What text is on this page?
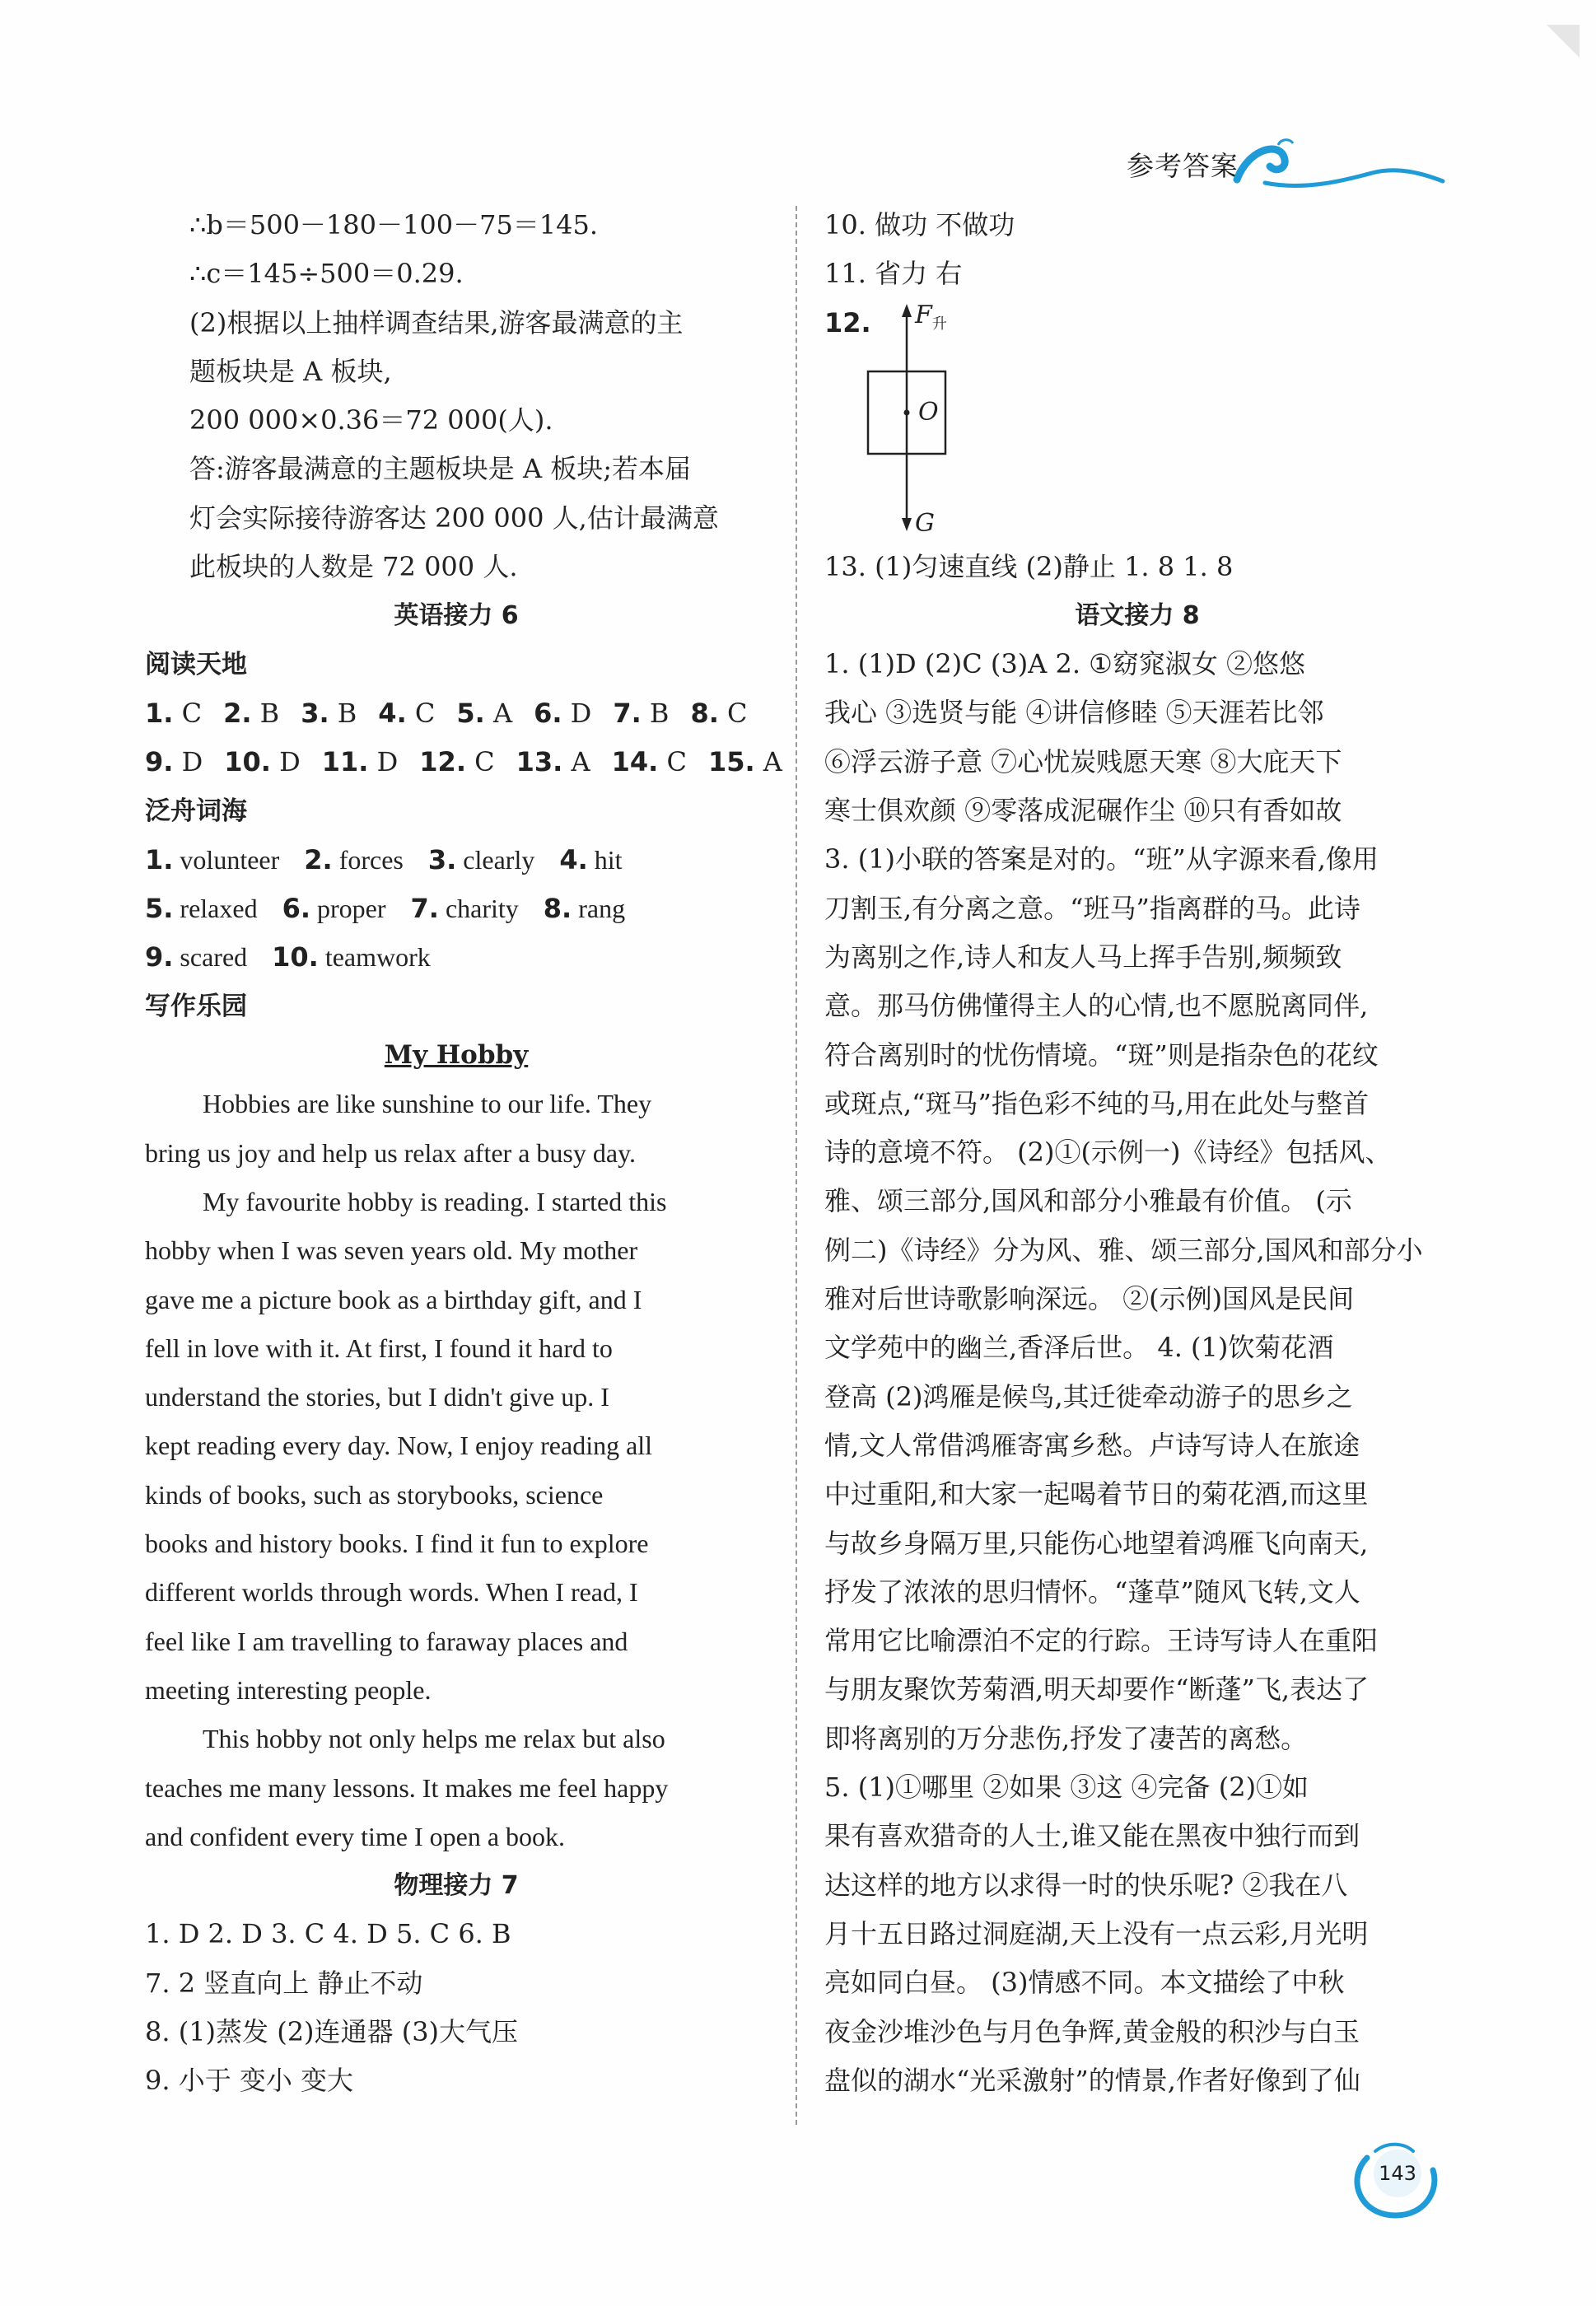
参考答案
∴b＝500－180－100－75＝145.
∴c＝145÷500＝0.29.
(2)根据以上抽样调查结果,游客最满意的主
题板块是 A 板块,
200 000×0.36＝72 000(人).
答:游客最满意的主题板块是 A 板块;若本届
灯会实际接待游客达 200 000 人,估计最满意
此板块的人数是 72 000 人.
英语接力 6
阅读天地
1. C 2. B 3. B 4. C 5. A 6. D 7. B 8. C
9. D 10. D 11. D 12. C 13. A 14. C 15. A
泛舟词海
1. volunteer 2. forces 3. clearly 4. hit
5. relaxed 6. proper 7. charity 8. rang
9. scared 10. teamwork
写作乐园
My Hobby
Hobbies are like sunshine to our life. They
bring us joy and help us relax after a busy day.
My favourite hobby is reading. I started this
hobby when I was seven years old. My mother
gave me a picture book as a birthday gift, and I
fell in love with it. At first, I found it hard to
understand the stories, but I didn't give up. I
kept reading every day. Now, I enjoy reading all
kinds of books, such as storybooks, science
books and history books. I find it fun to explore
different worlds through words. When I read, I
feel like I am travelling to faraway places and
meeting interesting people.
This hobby not only helps me relax but also
teaches me many lessons. It makes me feel happy
and confident every time I open a book.
物理接力 7
1. D 2. D 3. C 4. D 5. C 6. B
7. 2 竖直向上 静止不动
8. (1)蒸发 (2)连通器 (3)大气压
9. 小于 变小 变大
10. 做功 不做功
11. 省力 右
12. $F_升$
O
G
13. (1)匀速直线 (2)静止 1. 8 1. 8
语文接力 8
1. (1)D (2)C (3)A 2. ①窈窕淑女 ②悠悠
我心 ③选贤与能 ④讲信修睦 ⑤天涯若比邻
⑥浮云游子意 ⑦心忧炭贱愿天寒 ⑧大庇天下
寒士俱欢颜 ⑨零落成泥碾作尘 ⑩只有香如故
3. (1)小联的答案是对的。“班”从字源来看,像用
刀割玉,有分离之意。“班马”指离群的马。此诗
为离别之作,诗人和友人马上挥手告别,频频致
意。那马仿佛懂得主人的心情,也不愿脱离同伴,
符合离别时的忧伤情境。“斑”则是指杂色的花纹
或斑点,“斑马”指色彩不纯的马,用在此处与整首
诗的意境不符。 (2)①(示例一)《诗经》包括风、
雅、颂三部分,国风和部分小雅最有价值。 (示
例二)《诗经》分为风、雅、颂三部分,国风和部分小
雅对后世诗歌影响深远。 ②(示例)国风是民间
文学苑中的幽兰,香泽后世。 4. (1)饮菊花酒
登高 (2)鸿雁是候鸟,其迁徙牵动游子的思乡之
情,文人常借鸿雁寄寓乡愁。卢诗写诗人在旅途
中过重阳,和大家一起喝着节日的菊花酒,而这里
与故乡身隔万里,只能伤心地望着鸿雁飞向南天,
抒发了浓浓的思归情怀。“蓬草”随风飞转,文人
常用它比喻漂泊不定的行踪。王诗写诗人在重阳
与朋友聚饮芳菊酒,明天却要作“断蓬”飞,表达了
即将离别的万分悲伤,抒发了凄苦的离愁。
5. (1)①哪里 ②如果 ③这 ④完备 (2)①如
果有喜欢猎奇的人士,谁又能在黑夜中独行而到
达这样的地方以求得一时的快乐呢? ②我在八
月十五日路过洞庭湖,天上没有一点云彩,月光明
亮如同白昼。 (3)情感不同。本文描绘了中秋
夜金沙堆沙色与月色争辉,黄金般的积沙与白玉
盘似的湖水“光采激射”的情景,作者好像到了仙
143
